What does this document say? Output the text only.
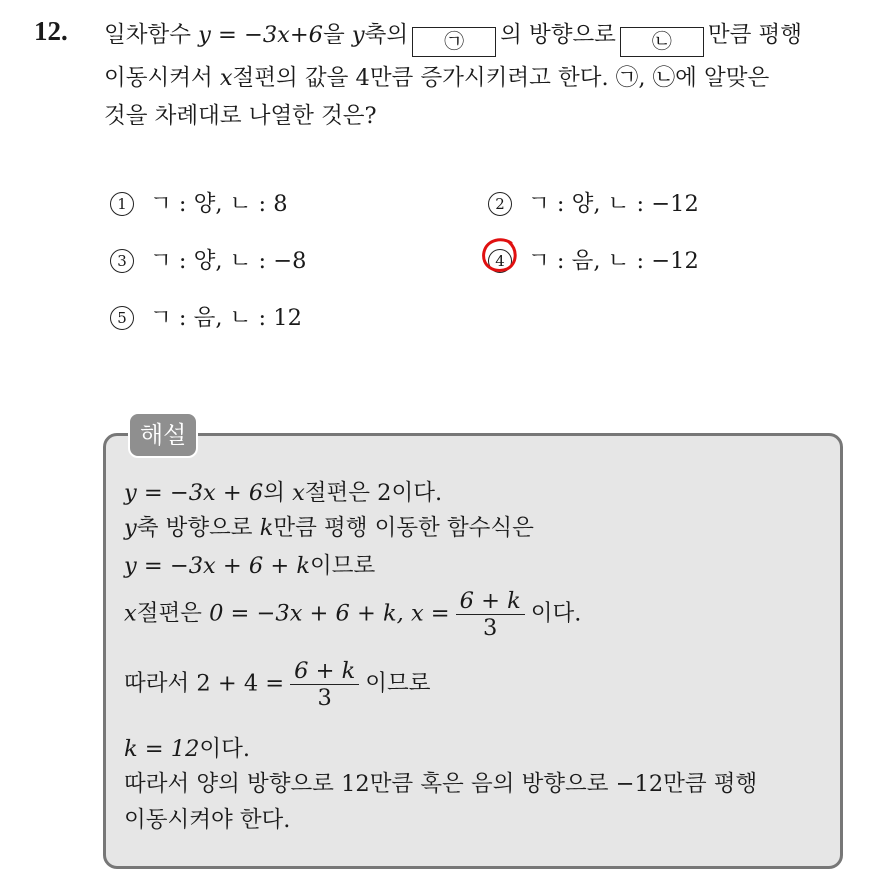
12. 일차함수 y = −3x+6을 y축의 ㉠ 의 방향으로 ㉡ 만큼 평행
이동시켜서 x절편의 값을 4만큼 증가시키려고 한다. ㉠, ㉡에 알맞은
것을 차례대로 나열한 것은?
1 ㄱ : 양, ㄴ : 8	2 ㄱ : 양, ㄴ : −12
3 ㄱ : 양, ㄴ : −8	4 ㄱ : 음, ㄴ : −12
5 ㄱ : 음, ㄴ : 12
해설
y = −3x + 6의 x절편은 2이다.
y축 방향으로 k만큼 평행 이동한 함수식은
y = −3x + 6 + k이므로
x절편은 0 = −3x + 6 + k, $x = \frac{6 + k}{3}$ 이다.
따라서 $2 + 4 = \frac{6 + k}{3}$ 이므로
k = 12이다.
따라서 양의 방향으로 12만큼 혹은 음의 방향으로 −12만큼 평행
이동시켜야 한다.
